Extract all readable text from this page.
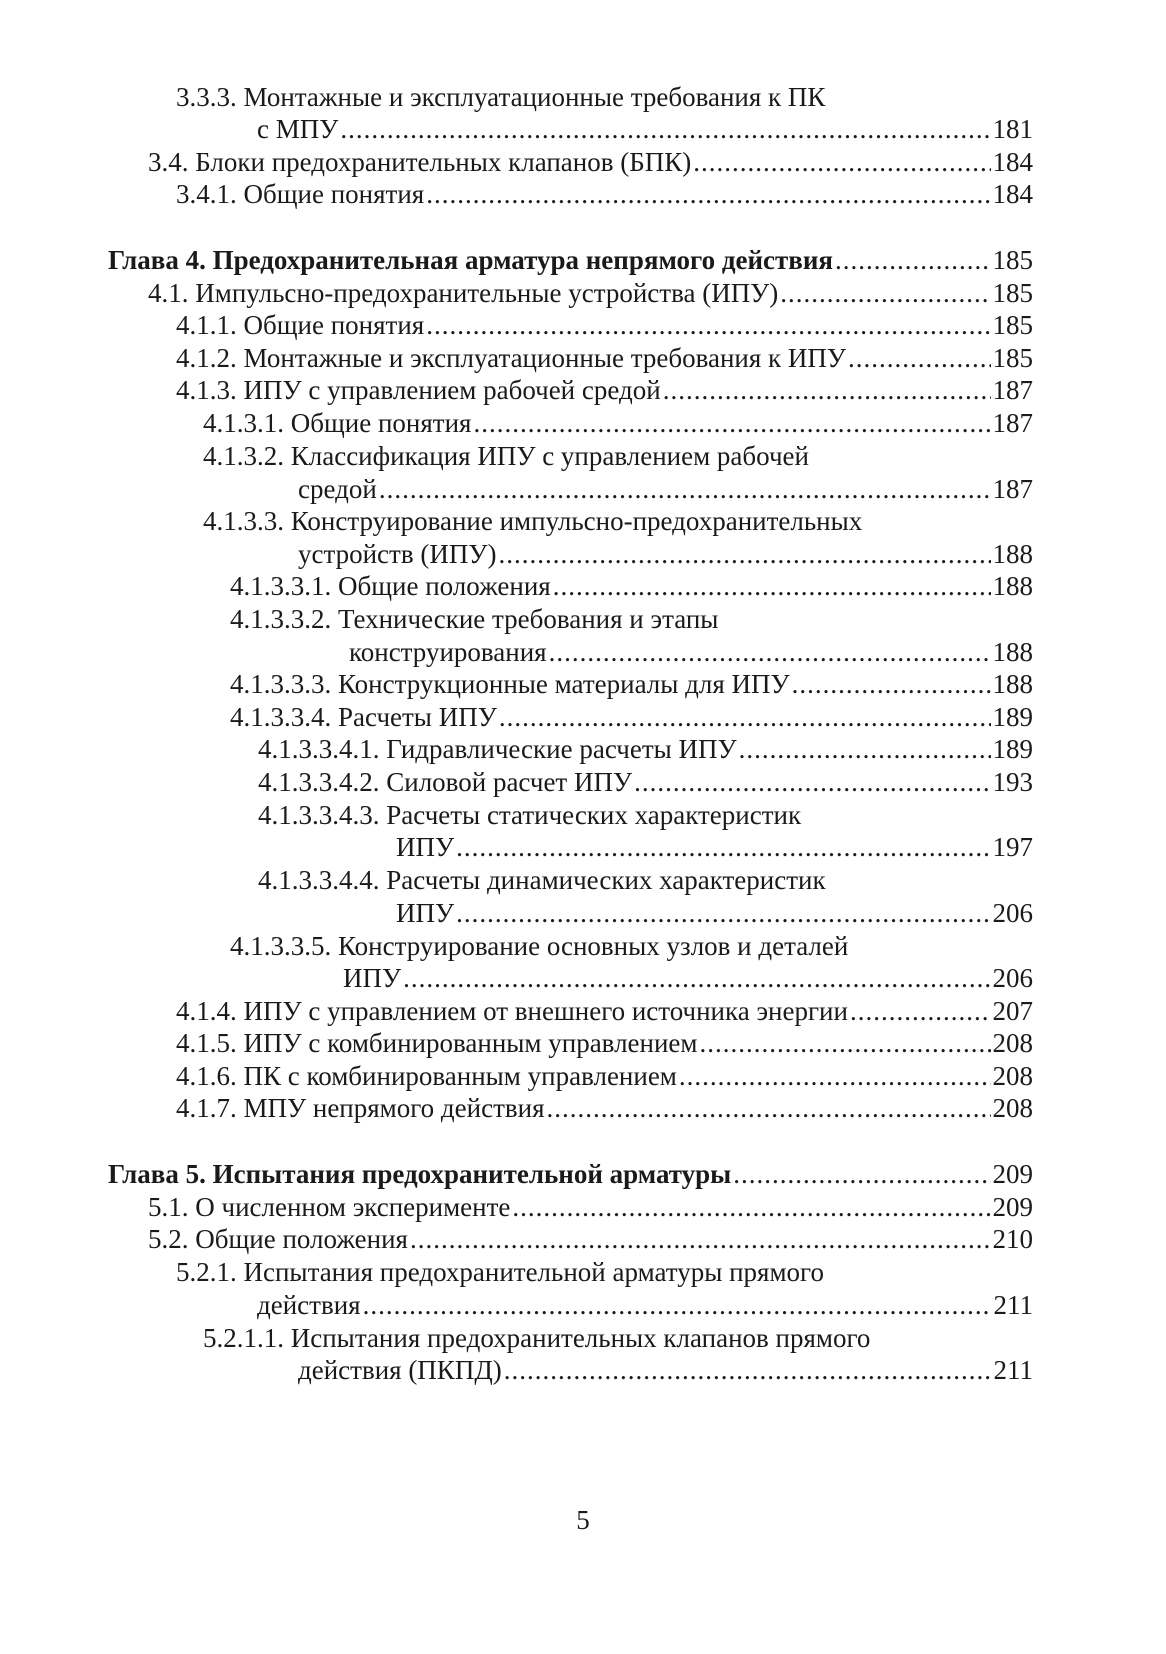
3.3.3. Монтажные и эксплуатационные требования к ПК
с МПУ .....	181
3.4. Блоки предохранительных клапанов (БПК) .....	184
3.4.1. Общие понятия .....	184
Глава 4. Предохранительная арматура непрямого действия .....	185
4.1. Импульсно-предохранительные устройства (ИПУ) .....	185
4.1.1. Общие понятия .....	185
4.1.2. Монтажные и эксплуатационные требования к ИПУ .....	185
4.1.3. ИПУ с управлением рабочей средой .....	187
4.1.3.1. Общие понятия .....	187
4.1.3.2. Классификация ИПУ с управлением рабочей
средой .....	187
4.1.3.3. Конструирование импульсно-предохранительных
устройств (ИПУ) .....	188
4.1.3.3.1. Общие положения .....	188
4.1.3.3.2. Технические требования и этапы
конструирования .....	188
4.1.3.3.3. Конструкционные материалы для ИПУ .....	188
4.1.3.3.4. Расчеты ИПУ .....	189
4.1.3.3.4.1. Гидравлические расчеты ИПУ .....	189
4.1.3.3.4.2. Силовой расчет ИПУ .....	193
4.1.3.3.4.3. Расчеты статических характеристик
ИПУ .....	197
4.1.3.3.4.4. Расчеты динамических характеристик
ИПУ .....	206
4.1.3.3.5. Конструирование основных узлов и деталей
ИПУ .....	206
4.1.4. ИПУ с управлением от внешнего источника энергии .....	207
4.1.5. ИПУ с комбинированным управлением .....	208
4.1.6. ПК с комбинированным управлением .....	208
4.1.7. МПУ непрямого действия .....	208
Глава 5. Испытания предохранительной арматуры .....	209
5.1. О численном эксперименте .....	209
5.2. Общие положения .....	210
5.2.1. Испытания предохранительной арматуры прямого
действия .....	211
5.2.1.1. Испытания предохранительных клапанов прямого
действия (ПКПД) .....	211
5
